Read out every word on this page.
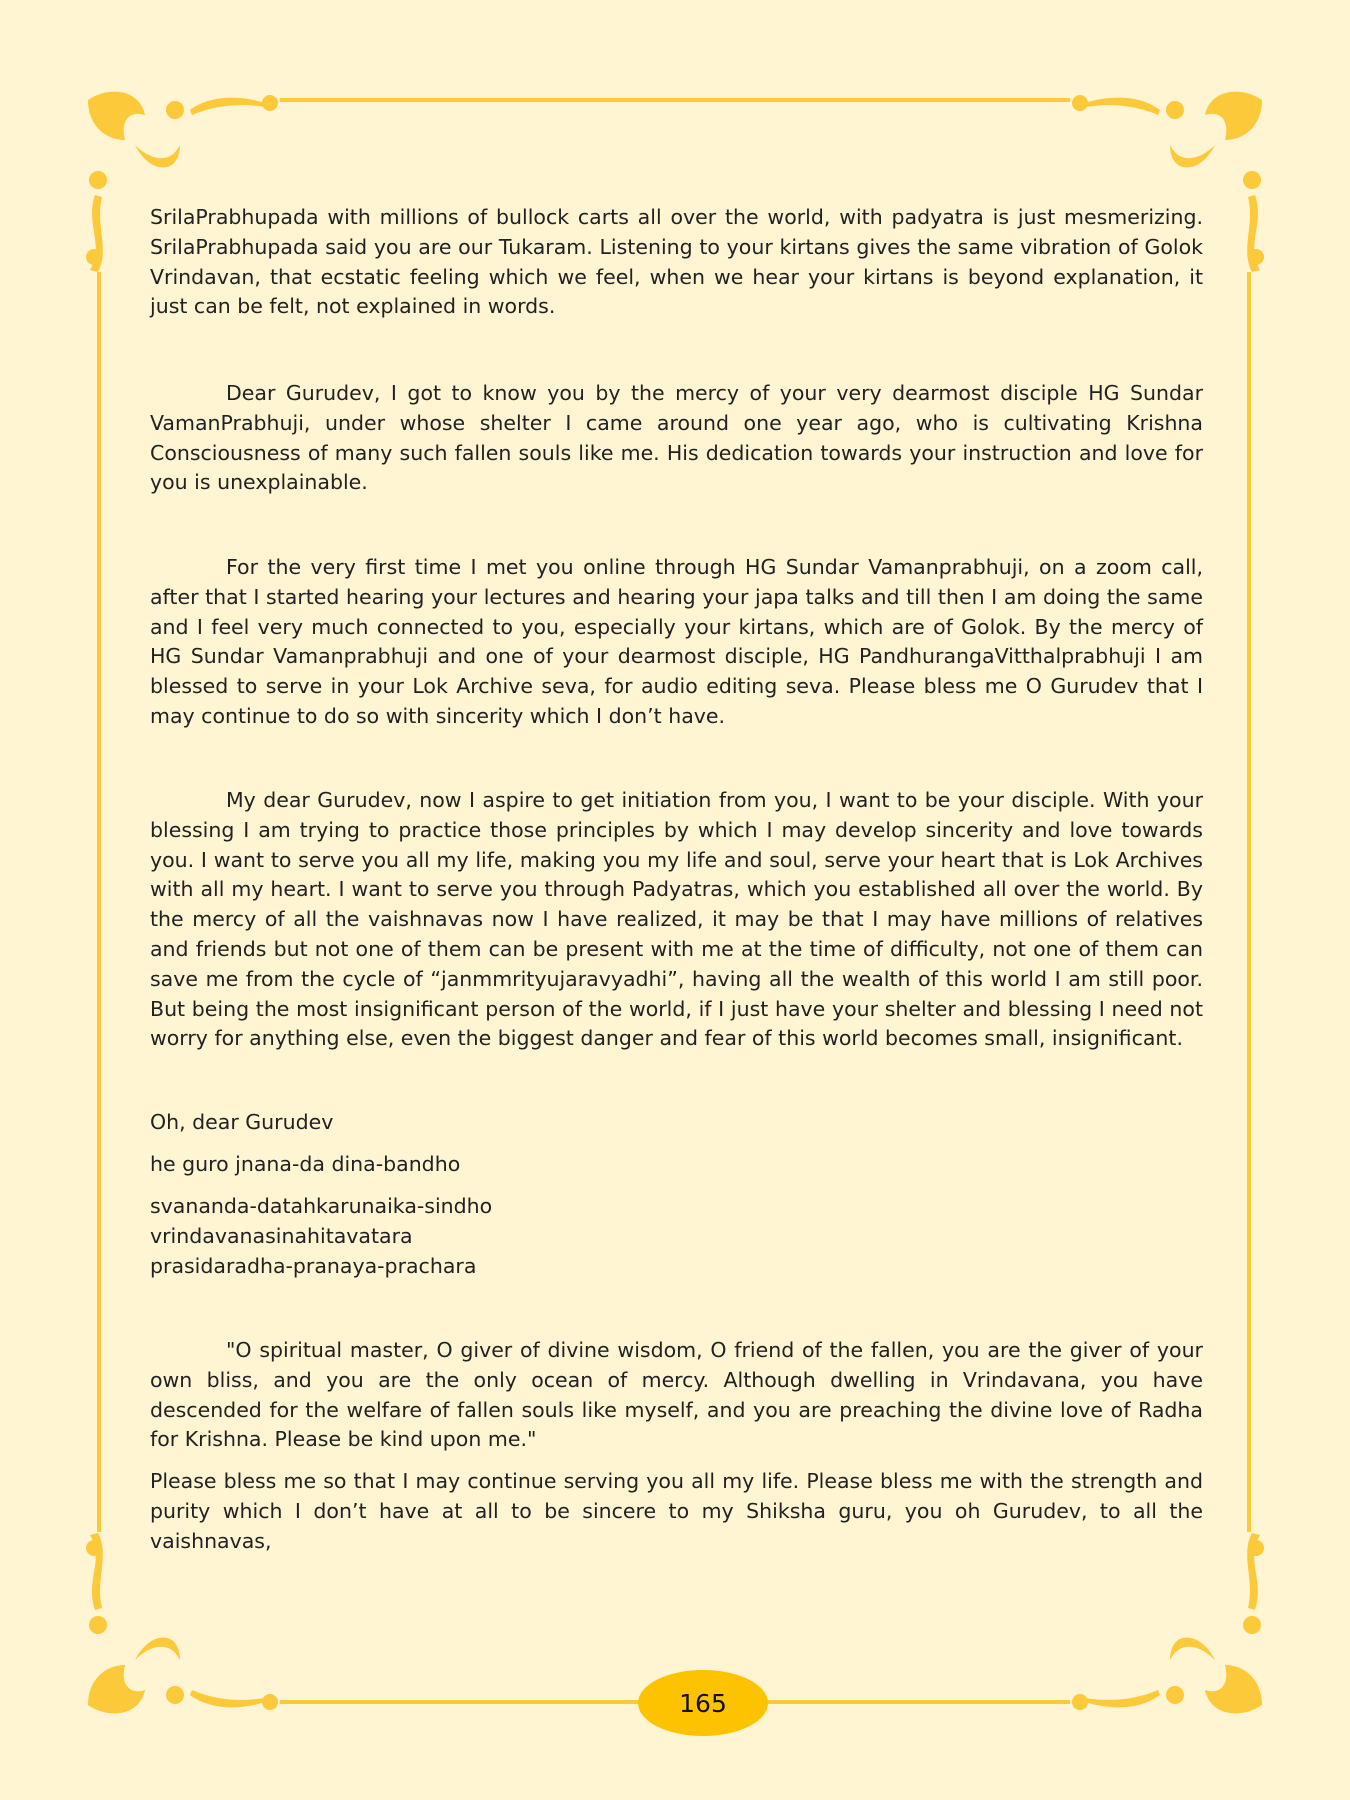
SrilaPrabhupada with millions of bullock carts all over the world, with padyatra is just mesmerizing. SrilaPrabhupada said you are our Tukaram. Listening to your kirtans gives the same vibration of Golok Vrindavan, that ecstatic feeling which we feel, when we hear your kirtans is beyond explanation, it just can be felt, not explained in words.

Dear Gurudev, I got to know you by the mercy of your very dearmost disciple HG Sundar VamanPrabhuji, under whose shelter I came around one year ago, who is cultivating Krishna Consciousness of many such fallen souls like me. His dedication towards your instruction and love for you is unexplainable.

For the very first time I met you online through HG Sundar Vamanprabhuji, on a zoom call, after that I started hearing your lectures and hearing your japa talks and till then I am doing the same and I feel very much connected to you, especially your kirtans, which are of Golok. By the mercy of HG Sundar Vamanprabhuji and one of your dearmost disciple, HG PandhurangaVitthalprabhuji I am blessed to serve in your Lok Archive seva, for audio editing seva. Please bless me O Gurudev that I may continue to do so with sincerity which I don’t have.

My dear Gurudev, now I aspire to get initiation from you, I want to be your disciple. With your blessing I am trying to practice those principles by which I may develop sincerity and love towards you. I want to serve you all my life, making you my life and soul, serve your heart that is Lok Archives with all my heart. I want to serve you through Padyatras, which you established all over the world. By the mercy of all the vaishnavas now I have realized, it may be that I may have millions of relatives and friends but not one of them can be present with me at the time of difficulty, not one of them can save me from the cycle of “janmmrityujaravyadhi”, having all the wealth of this world I am still poor. But being the most insignificant person of the world, if I just have your shelter and blessing I need not worry for anything else, even the biggest danger and fear of this world becomes small, insignificant.

Oh, dear Gurudev
he guro jnana-da dina-bandho
svananda-datahkarunaika-sindho
vrindavanasinahitavatara
prasidaradha-pranaya-prachara

"O spiritual master, O giver of divine wisdom, O friend of the fallen, you are the giver of your own bliss, and you are the only ocean of mercy. Although dwelling in Vrindavana, you have descended for the welfare of fallen souls like myself, and you are preaching the divine love of Radha for Krishna. Please be kind upon me."

Please bless me so that I may continue serving you all my life. Please bless me with the strength and purity which I don’t have at all to be sincere to my Shiksha guru, you oh Gurudev, to all the vaishnavas,

165
